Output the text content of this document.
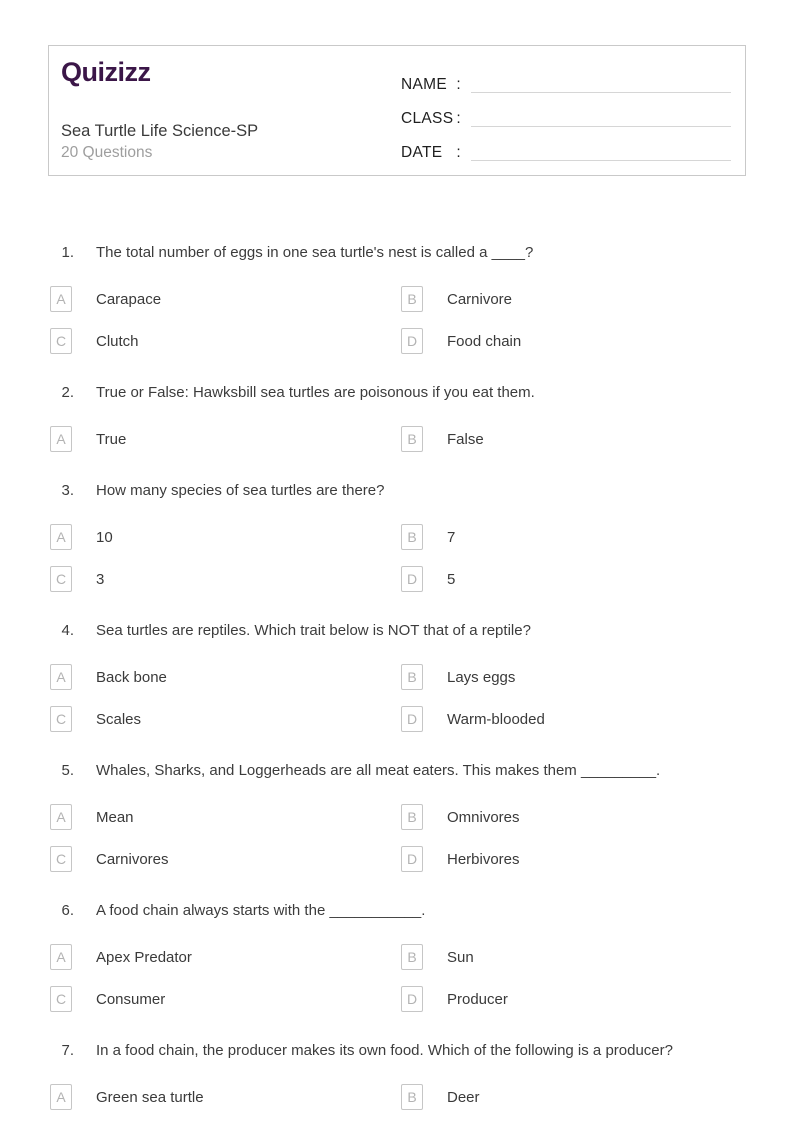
Quizizz
Sea Turtle Life Science-SP
20 Questions
NAME :
CLASS :
DATE :
1. The total number of eggs in one sea turtle's nest is called a ____?
A	Carapace	B	Carnivore
C	Clutch	D	Food chain
2. True or False: Hawksbill sea turtles are poisonous if you eat them.
A	True	B	False
3. How many species of sea turtles are there?
A	10	B	7
C	3	D	5
4. Sea turtles are reptiles. Which trait below is NOT that of a reptile?
A	Back bone	B	Lays eggs
C	Scales	D	Warm-blooded
5. Whales, Sharks, and Loggerheads are all meat eaters. This makes them _________.
A	Mean	B	Omnivores
C	Carnivores	D	Herbivores
6. A food chain always starts with the ___________.
A	Apex Predator	B	Sun
C	Consumer	D	Producer
7. In a food chain, the producer makes its own food. Which of the following is a producer?
A	Green sea turtle	B	Deer
